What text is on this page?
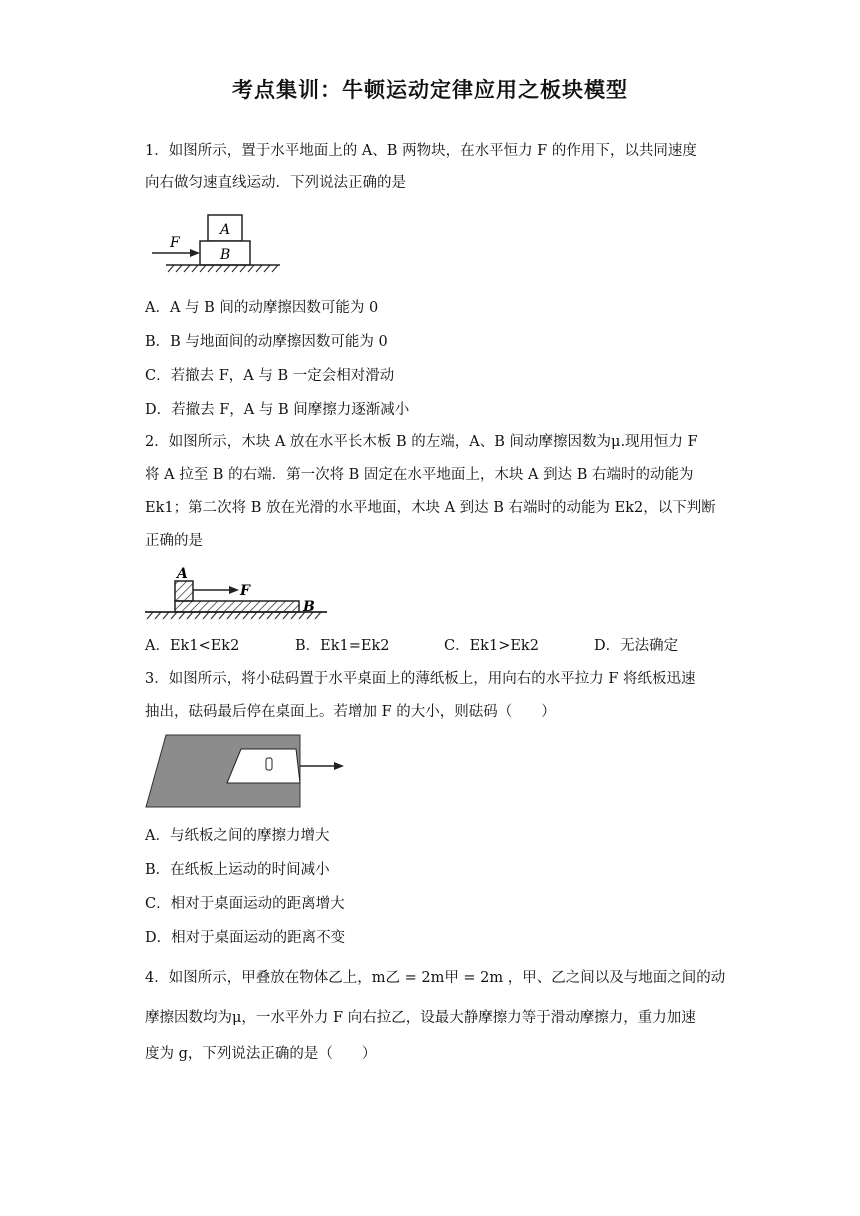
考点集训：牛顿运动定律应用之板块模型
1．如图所示，置于水平地面上的 A、B 两物块，在水平恒力 F 的作用下，以共同速度
向右做匀速直线运动．下列说法正确的是
F
A
B
A．A 与 B 间的动摩擦因数可能为 0
B．B 与地面间的动摩擦因数可能为 0
C．若撤去 F，A 与 B 一定会相对滑动
D．若撤去 F，A 与 B 间摩擦力逐渐减小
2．如图所示，木块 A 放在水平长木板 B 的左端，A、B 间动摩擦因数为μ.现用恒力 F
将 A 拉至 B 的右端．第一次将 B 固定在水平地面上，木块 A 到达 B 右端时的动能为
Ek1；第二次将 B 放在光滑的水平地面，木块 A 到达 B 右端时的动能为 Ek2，以下判断
正确的是
F
A
B
A．Ek1<Ek2	B．Ek1=Ek2	C．Ek1>Ek2	D．无法确定
3．如图所示，将小砝码置于水平桌面上的薄纸板上，用向右的水平拉力 F 将纸板迅速
抽出，砝码最后停在桌面上。若增加 F 的大小，则砝码（　　）
A．与纸板之间的摩擦力增大
B．在纸板上运动的时间减小
C．相对于桌面运动的距离增大
D．相对于桌面运动的距离不变
4．如图所示，甲叠放在物体乙上，m乙 = 2m甲 = 2m ，甲、乙之间以及与地面之间的动
摩擦因数均为μ，一水平外力 F 向右拉乙，设最大静摩擦力等于滑动摩擦力，重力加速
度为 g，下列说法正确的是（　　）
